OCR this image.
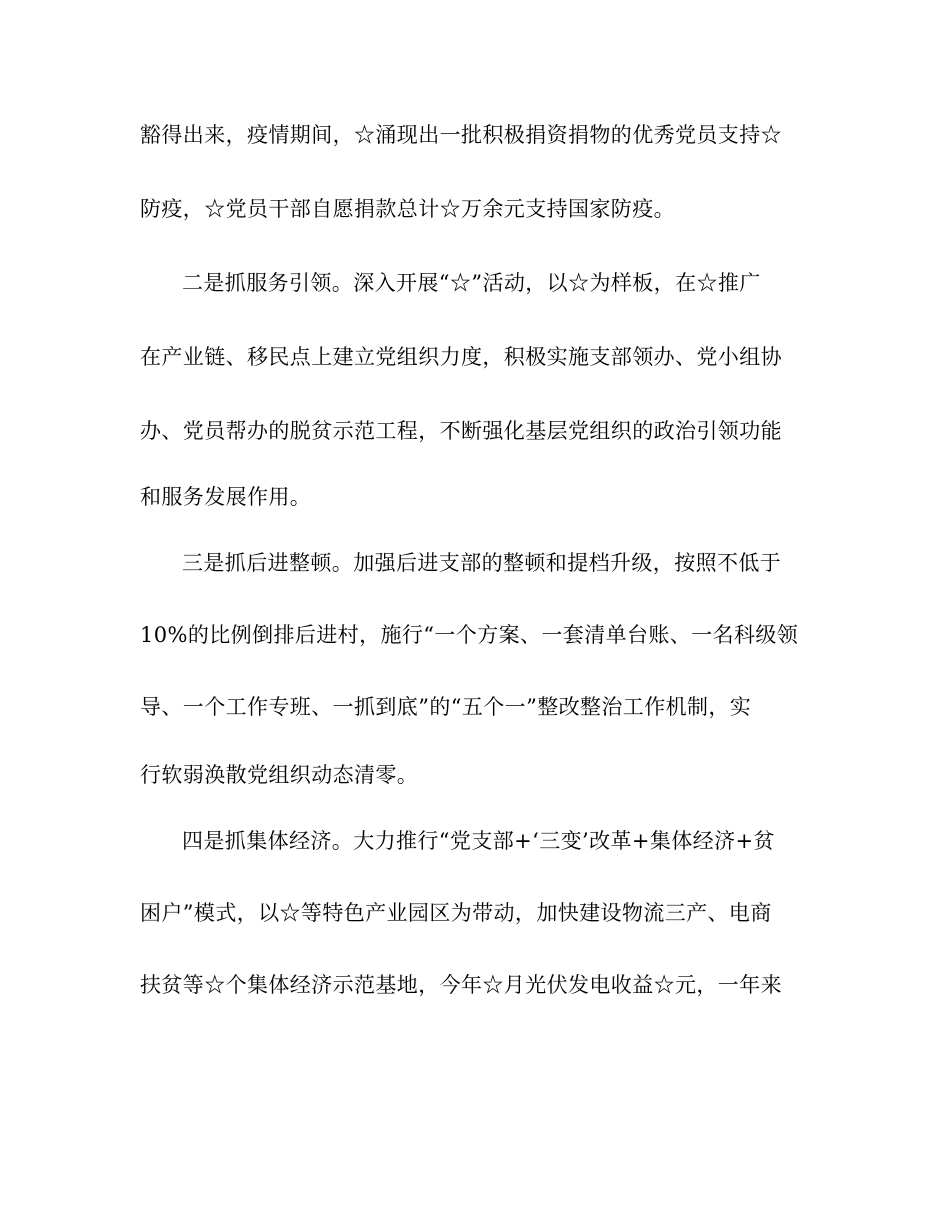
豁得出来，疫情期间，☆涌现出一批积极捐资捐物的优秀党员支持☆
防疫，☆党员干部自愿捐款总计☆万余元支持国家防疫。
二是抓服务引领。深入开展“☆”活动，以☆为样板，在☆推广
在产业链、移民点上建立党组织力度，积极实施支部领办、党小组协
办、党员帮办的脱贫示范工程，不断强化基层党组织的政治引领功能
和服务发展作用。
三是抓后进整顿。加强后进支部的整顿和提档升级，按照不低于
10%的比例倒排后进村，施行“一个方案、一套清单台账、一名科级领
导、一个工作专班、一抓到底”的“五个一”整改整治工作机制，实
行软弱涣散党组织动态清零。
四是抓集体经济。大力推行“党支部+‘三变’改革+集体经济+贫
困户”模式，以☆等特色产业园区为带动，加快建设物流三产、电商
扶贫等☆个集体经济示范基地，今年☆月光伏发电收益☆元，一年来
